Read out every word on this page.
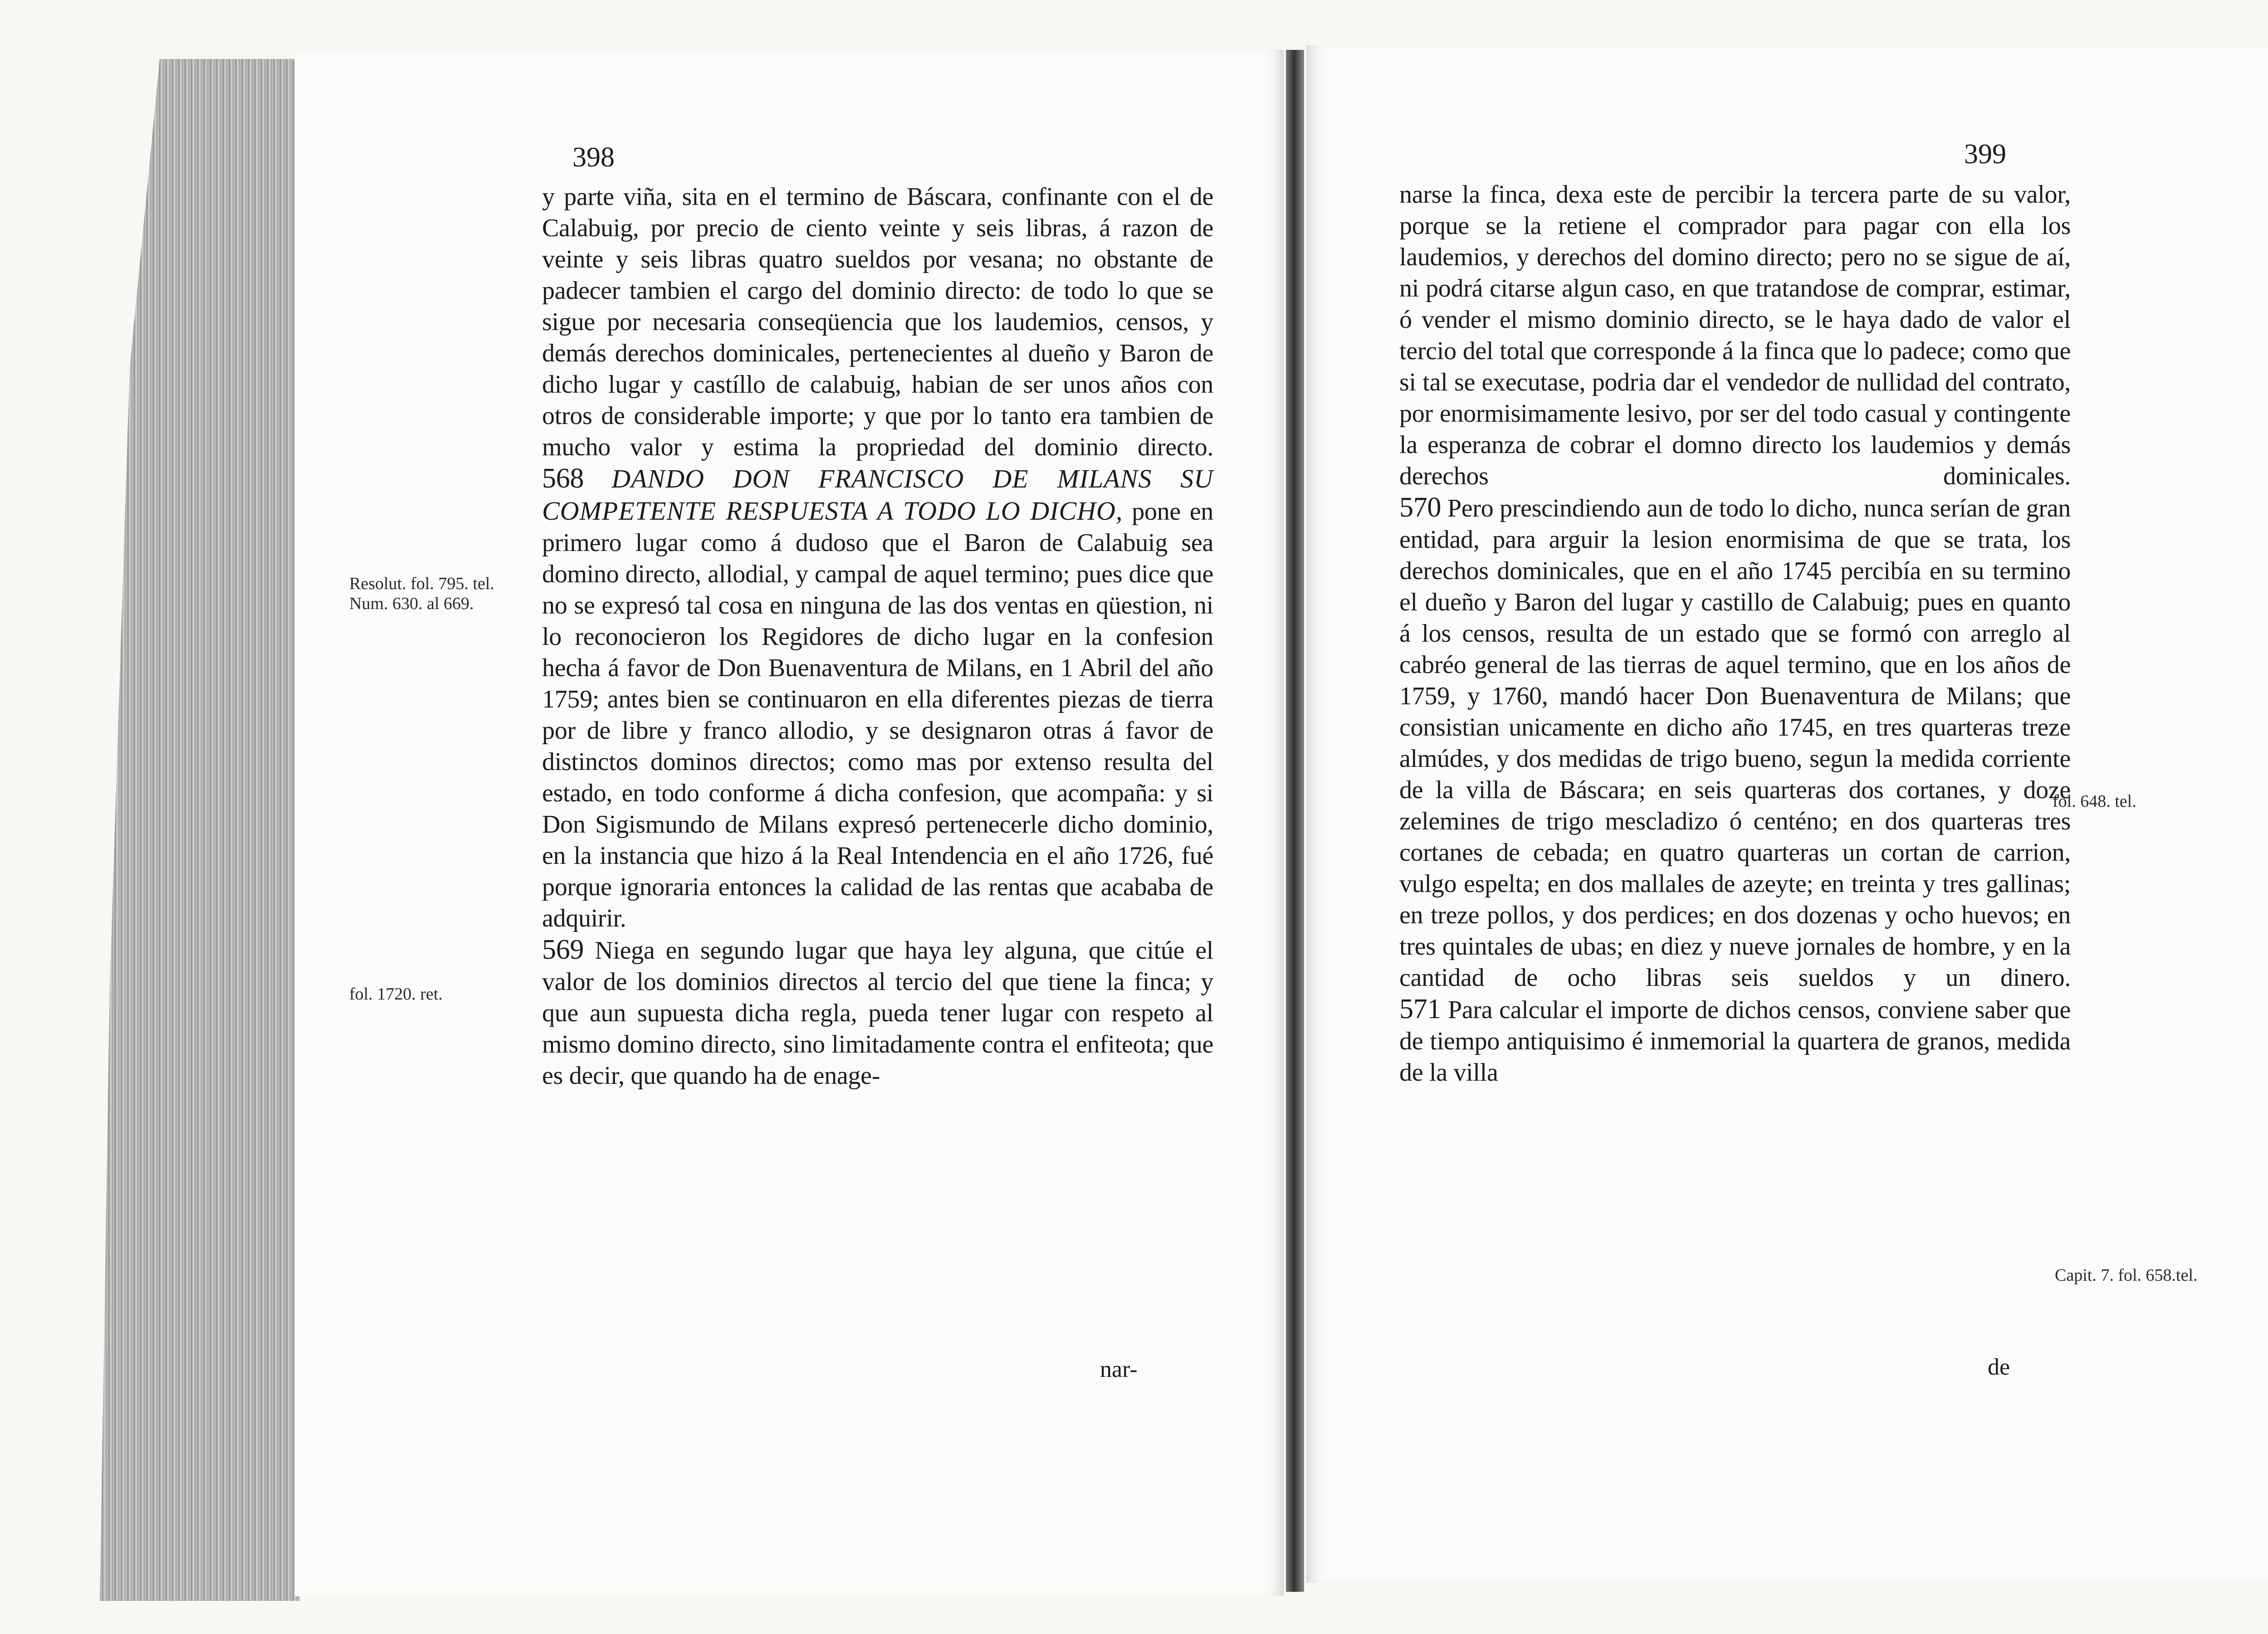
398
Resolut. fol. 795. tel.
Num. 630. al 669.
fol. 1720. ret.

y parte viña, sita en el termino de Báscara, confinante con el de Calabuig, por precio de ciento veinte y seis libras, á razon de veinte y seis libras quatro sueldos por vesana; no obstante de padecer tambien el cargo del dominio directo: de todo lo que se sigue por necesaria conseqüencia que los laudemios, censos, y demás derechos dominicales, pertenecientes al dueño y Baron de dicho lugar y castíllo de calabuig, habian de ser unos años con otros de considerable importe; y que por lo tanto era tambien de mucho valor y estima la propriedad del dominio directo.

568 DANDO DON FRANCISCO DE MILANS SU COMPETENTE RESPUESTA A TODO LO DICHO, pone en primero lugar como á dudoso que el Baron de Calabuig sea domino directo, allodial, y campal de aquel termino; pues dice que no se expresó tal cosa en ninguna de las dos ventas en qüestion, ni lo reconocieron los Regidores de dicho lugar en la confesion hecha á favor de Don Buenaventura de Milans, en 1 Abril del año 1759; antes bien se continuaron en ella diferentes piezas de tierra por de libre y franco allodio, y se designaron otras á favor de distinctos dominos directos; como mas por extenso resulta del estado, en todo conforme á dicha confesion, que acompaña: y si Don Sigismundo de Milans expresó pertenecerle dicho dominio, en la instancia que hizo á la Real Intendencia en el año 1726, fué porque ignoraria entonces la calidad de las rentas que acababa de adquirir.

569 Niega en segundo lugar que haya ley alguna, que citúe el valor de los dominios directos al tercio del que tiene la finca; y que aun supuesta dicha regla, pueda tener lugar con respeto al mismo domino directo, sino limitadamente contra el enfiteota; que es decir, que quando ha de enage-

nar-
399
fol. 648. tel.
Capit. 7. fol. 658.tel.

narse la finca, dexa este de percibir la tercera parte de su valor, porque se la retiene el comprador para pagar con ella los laudemios, y derechos del domino directo; pero no se sigue de aí, ni podrá citarse algun caso, en que tratandose de comprar, estimar, ó vender el mismo dominio directo, se le haya dado de valor el tercio del total que corresponde á la finca que lo padece; como que si tal se executase, podria dar el vendedor de nullidad del contrato, por enormisimamente lesivo, por ser del todo casual y contingente la esperanza de cobrar el domno directo los laudemios y demás derechos dominicales.

570 Pero prescindiendo aun de todo lo dicho, nunca serían de gran entidad, para arguir la lesion enormisima de que se trata, los derechos dominicales, que en el año 1745 percibía en su termino el dueño y Baron del lugar y castillo de Calabuig; pues en quanto á los censos, resulta de un estado que se formó con arreglo al cabréo general de las tierras de aquel termino, que en los años de 1759, y 1760, mandó hacer Don Buenaventura de Milans; que consistian unicamente en dicho año 1745, en tres quarteras treze almúdes, y dos medidas de trigo bueno, segun la medida corriente de la villa de Báscara; en seis quarteras dos cortanes, y doze zelemines de trigo mescladizo ó centéno; en dos quarteras tres cortanes de cebada; en quatro quarteras un cortan de carrion, vulgo espelta; en dos mallales de azeyte; en treinta y tres gallinas; en treze pollos, y dos perdices; en dos dozenas y ocho huevos; en tres quintales de ubas; en diez y nueve jornales de hombre, y en la cantidad de ocho libras seis sueldos y un dinero.

571 Para calcular el importe de dichos censos, conviene saber que de tiempo antiquisimo é inmemorial la quartera de granos, medida de la villa

de
